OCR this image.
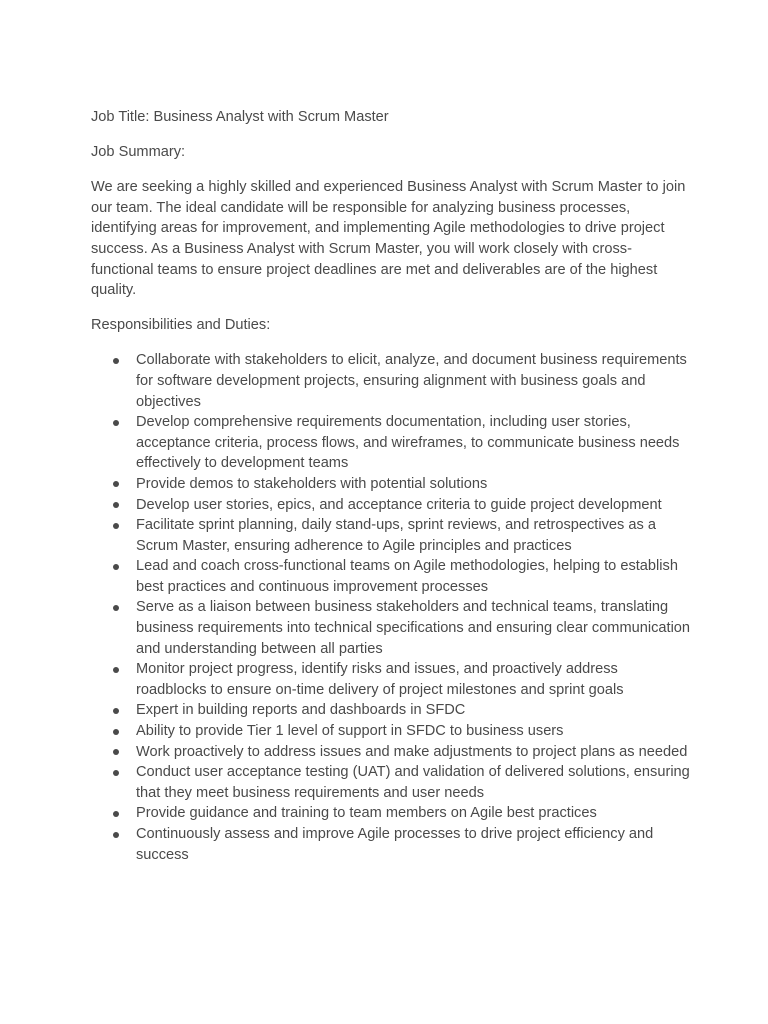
Job Title: Business Analyst with Scrum Master

Job Summary:

We are seeking a highly skilled and experienced Business Analyst with Scrum Master to join our team. The ideal candidate will be responsible for analyzing business processes, identifying areas for improvement, and implementing Agile methodologies to drive project success. As a Business Analyst with Scrum Master, you will work closely with cross-functional teams to ensure project deadlines are met and deliverables are of the highest quality.

Responsibilities and Duties:

Collaborate with stakeholders to elicit, analyze, and document business requirements for software development projects, ensuring alignment with business goals and objectives
Develop comprehensive requirements documentation, including user stories, acceptance criteria, process flows, and wireframes, to communicate business needs effectively to development teams
Provide demos to stakeholders with potential solutions
Develop user stories, epics, and acceptance criteria to guide project development
Facilitate sprint planning, daily stand-ups, sprint reviews, and retrospectives as a Scrum Master, ensuring adherence to Agile principles and practices
Lead and coach cross-functional teams on Agile methodologies, helping to establish best practices and continuous improvement processes
Serve as a liaison between business stakeholders and technical teams, translating business requirements into technical specifications and ensuring clear communication and understanding between all parties
Monitor project progress, identify risks and issues, and proactively address roadblocks to ensure on-time delivery of project milestones and sprint goals
Expert in building reports and dashboards in SFDC
Ability to provide Tier 1 level of support in SFDC to business users
Work proactively to address issues and make adjustments to project plans as needed
Conduct user acceptance testing (UAT) and validation of delivered solutions, ensuring that they meet business requirements and user needs
Provide guidance and training to team members on Agile best practices
Continuously assess and improve Agile processes to drive project efficiency and success
